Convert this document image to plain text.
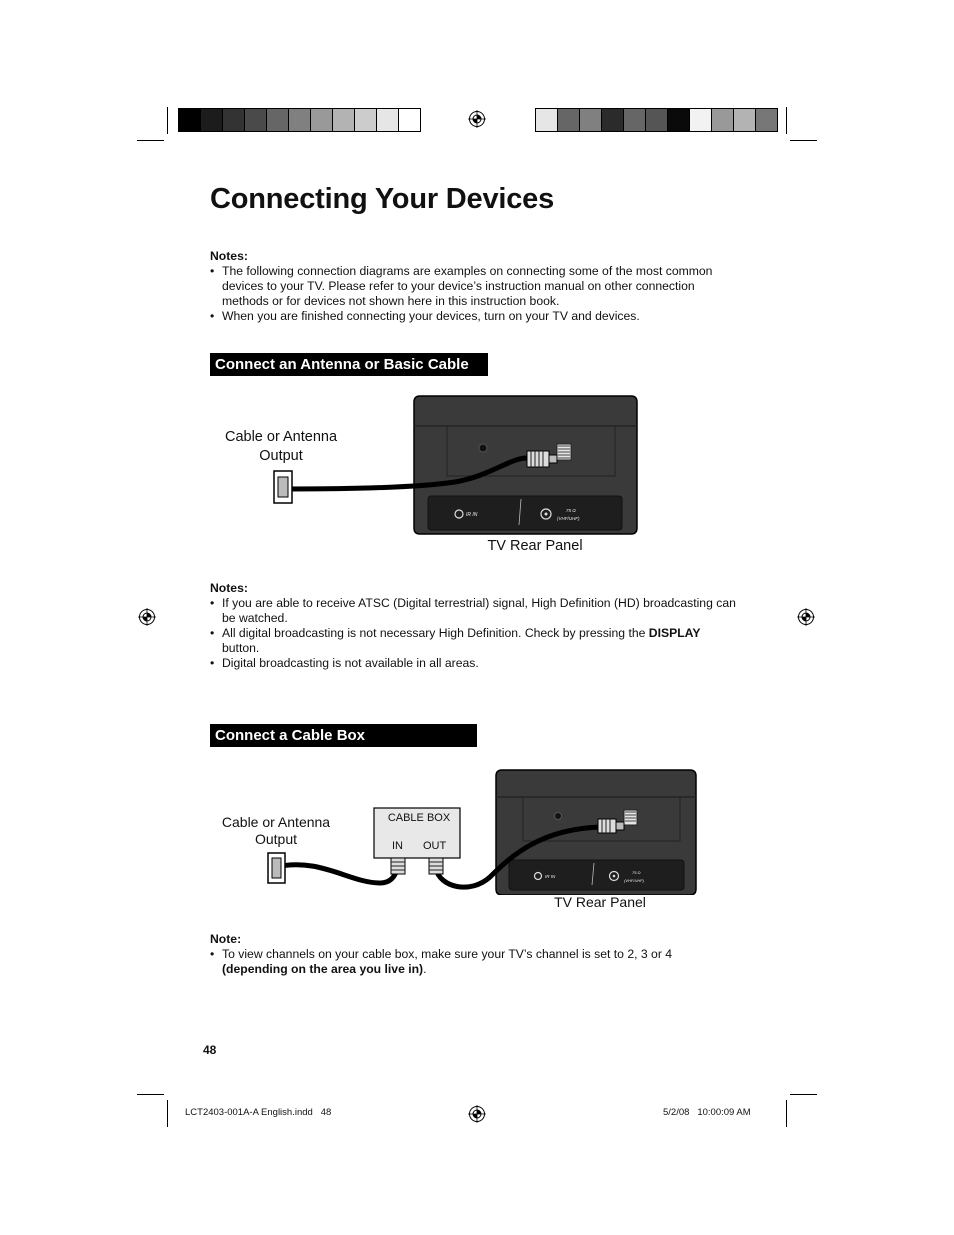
Connecting Your Devices
Notes:
• The following connection diagrams are examples on connecting some of the most common devices to your TV. Please refer to your device’s instruction manual on other connection methods or for devices not shown here in this instruction book.
• When you are finished connecting your devices, turn on your TV and devices.
Connect an Antenna or Basic Cable
Cable or Antenna
Output
IR IN
75 Ω
(VHF/UHF)
TV Rear Panel
Notes:
• If you are able to receive ATSC (Digital terrestrial) signal, High Definition (HD) broadcasting can be watched.
• All digital broadcasting is not necessary High Definition. Check by pressing the DISPLAY button.
• Digital broadcasting is not available in all areas.
Connect a Cable Box
Cable or Antenna
Output
IR IN
75 Ω
(VHF/UHF)
CABLE BOX
IN OUT
TV Rear Panel
Note:
• To view channels on your cable box, make sure your TV’s channel is set to 2, 3 or 4 (depending on the area you live in).
48
LCT2403-001A-A English.indd   48	5/2/08   10:00:09 AM
